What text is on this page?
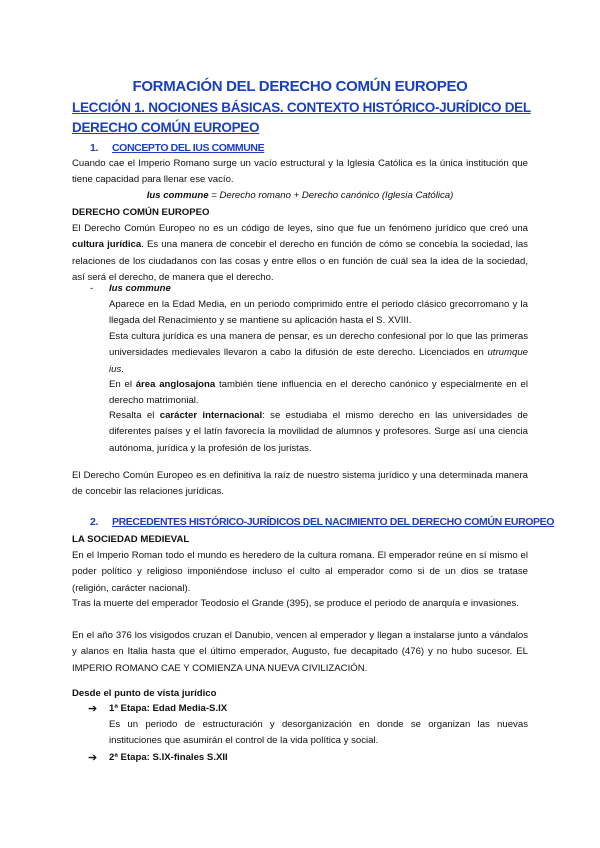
FORMACIÓN DEL DERECHO COMÚN EUROPEO
LECCIÓN 1. NOCIONES BÁSICAS. CONTEXTO HISTÓRICO-JURÍDICO DEL DERECHO COMÚN EUROPEO
1. CONCEPTO DEL IUS COMMUNE
Cuando cae el Imperio Romano surge un vacío estructural y la Iglesia Católica es la única institución que tiene capacidad para llenar ese vacío.
Ius commune = Derecho romano + Derecho canónico (Iglesia Católica)
DERECHO COMÚN EUROPEO
El Derecho Común Europeo no es un código de leyes, sino que fue un fenómeno jurídico que creó una cultura jurídica. Es una manera de concebir el derecho en función de cómo se concebía la sociedad, las relaciones de los ciudadanos con las cosas y entre ellos o en función de cuál sea la idea de la sociedad, así será el derecho, de manera que el derecho.
- Ius commune
Aparece en la Edad Media, en un periodo comprimido entre el periodo clásico grecorromano y la llegada del Renacimiento y se mantiene su aplicación hasta el S. XVIII.
Esta cultura jurídica es una manera de pensar, es un derecho confesional por lo que las primeras universidades medievales llevaron a cabo la difusión de este derecho. Licenciados en utrumque ius.
En el área anglosajona también tiene influencia en el derecho canónico y especialmente en el derecho matrimonial.
Resalta el carácter internacional: se estudiaba el mismo derecho en las universidades de diferentes países y el latín favorecía la movilidad de alumnos y profesores. Surge así una ciencia autónoma, jurídica y la profesión de los juristas.
El Derecho Común Europeo es en definitiva la raíz de nuestro sistema jurídico y una determinada manera de concebir las relaciones jurídicas.
2. PRECEDENTES HISTÓRICO-JURÍDICOS DEL NACIMIENTO DEL DERECHO COMÚN EUROPEO
LA SOCIEDAD MEDIEVAL
En el Imperio Roman todo el mundo es heredero de la cultura romana. El emperador reúne en sí mismo el poder político y religioso imponiéndose incluso el culto al emperador como si de un dios se tratase (religión, carácter nacional).
Tras la muerte del emperador Teodosio el Grande (395), se produce el periodo de anarquía e invasiones.
En el año 376 los visigodos cruzan el Danubio, vencen al emperador y llegan a instalarse junto a vándalos y alanos en Italia hasta que el último emperador, Augusto, fue decapitado (476) y no hubo sucesor. EL IMPERIO ROMANO CAE Y COMIENZA UNA NUEVA CIVILIZACIÓN.
Desde el punto de vista jurídico
➔ 1ª Etapa: Edad Media-S.IX
Es un periodo de estructuración y desorganización en donde se organizan las nuevas instituciones que asumirán el control de la vida política y social.
➔ 2ª Etapa: S.IX-finales S.XII
